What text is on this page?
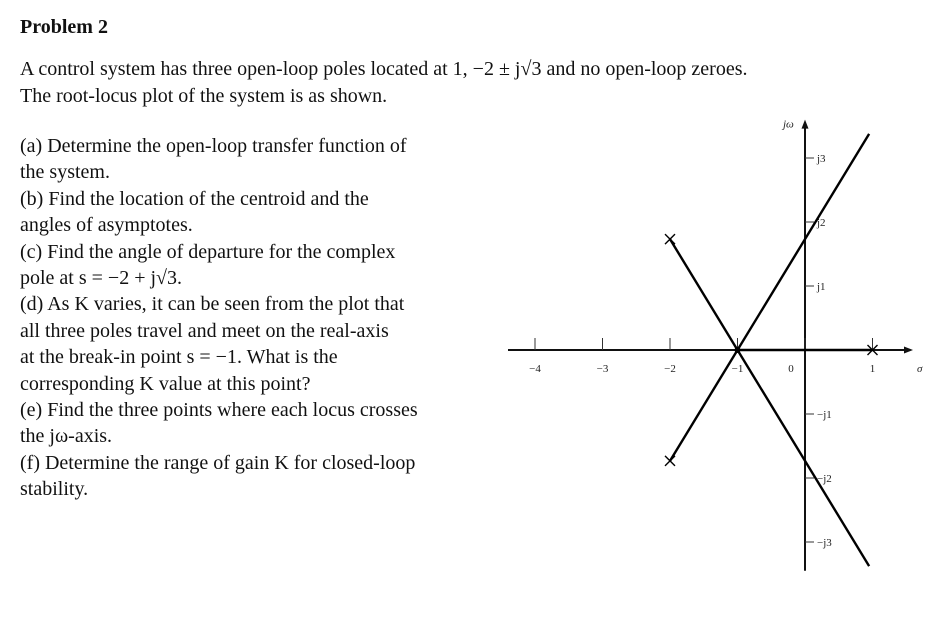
Problem 2
A control system has three open-loop poles located at 1, −2 ± j√3 and no open-loop zeroes.
The root-locus plot of the system is as shown.
(a) Determine the open-loop transfer function of
the system.
(b) Find the location of the centroid and the
angles of asymptotes.
(c) Find the angle of departure for the complex
pole at s = −2 + j√3.
(d) As K varies, it can be seen from the plot that
all three poles travel and meet on the real-axis
at the break-in point s = −1. What is the
corresponding K value at this point?
(e) Find the three points where each locus crosses
the jω-axis.
(f) Determine the range of gain K for closed-loop
stability.
σ
jω
−4	−3	−2	−1	0	1
j3
j2
j1
−j1
−j2
−j3
